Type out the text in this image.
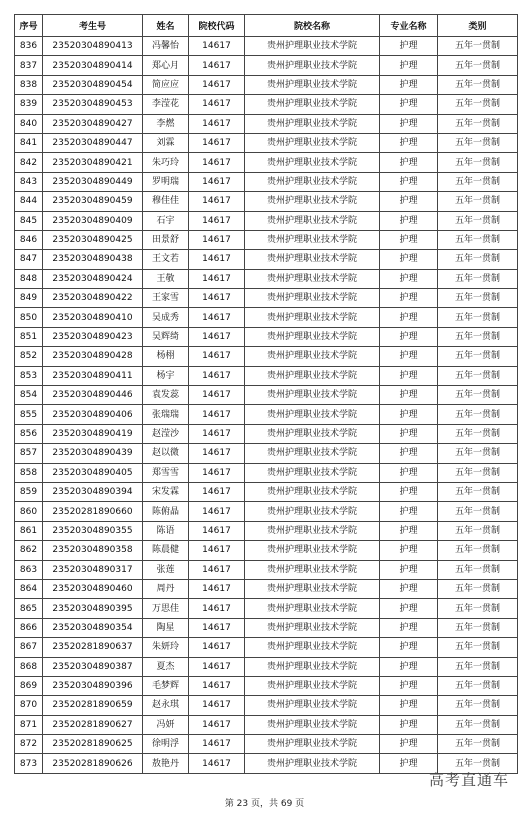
序号	考生号	姓名	院校代码	院校名称	专业名称	类别
836	23520304890413	冯馨怡	14617	贵州护理职业技术学院	护理	五年一贯制
837	23520304890414	郑心月	14617	贵州护理职业技术学院	护理	五年一贯制
838	23520304890454	简应应	14617	贵州护理职业技术学院	护理	五年一贯制
839	23520304890453	李滢花	14617	贵州护理职业技术学院	护理	五年一贯制
840	23520304890427	李燃	14617	贵州护理职业技术学院	护理	五年一贯制
841	23520304890447	刘霖	14617	贵州护理职业技术学院	护理	五年一贯制
842	23520304890421	朱巧玲	14617	贵州护理职业技术学院	护理	五年一贯制
843	23520304890449	罗明瑞	14617	贵州护理职业技术学院	护理	五年一贯制
844	23520304890459	穆佳佳	14617	贵州护理职业技术学院	护理	五年一贯制
845	23520304890409	石宇	14617	贵州护理职业技术学院	护理	五年一贯制
846	23520304890425	田景舒	14617	贵州护理职业技术学院	护理	五年一贯制
847	23520304890438	王文若	14617	贵州护理职业技术学院	护理	五年一贯制
848	23520304890424	王敬	14617	贵州护理职业技术学院	护理	五年一贯制
849	23520304890422	王家雪	14617	贵州护理职业技术学院	护理	五年一贯制
850	23520304890410	吴成秀	14617	贵州护理职业技术学院	护理	五年一贯制
851	23520304890423	吴辉绮	14617	贵州护理职业技术学院	护理	五年一贯制
852	23520304890428	杨栩	14617	贵州护理职业技术学院	护理	五年一贯制
853	23520304890411	杨宇	14617	贵州护理职业技术学院	护理	五年一贯制
854	23520304890446	袁发蕊	14617	贵州护理职业技术学院	护理	五年一贯制
855	23520304890406	张瑞瑞	14617	贵州护理职业技术学院	护理	五年一贯制
856	23520304890419	赵滢沙	14617	贵州护理职业技术学院	护理	五年一贯制
857	23520304890439	赵以微	14617	贵州护理职业技术学院	护理	五年一贯制
858	23520304890405	郑雪雪	14617	贵州护理职业技术学院	护理	五年一贯制
859	23520304890394	宋发霖	14617	贵州护理职业技术学院	护理	五年一贯制
860	23520281890660	陈俯晶	14617	贵州护理职业技术学院	护理	五年一贯制
861	23520304890355	陈语	14617	贵州护理职业技术学院	护理	五年一贯制
862	23520304890358	陈晨健	14617	贵州护理职业技术学院	护理	五年一贯制
863	23520304890317	张莲	14617	贵州护理职业技术学院	护理	五年一贯制
864	23520304890460	周丹	14617	贵州护理职业技术学院	护理	五年一贯制
865	23520304890395	万思佳	14617	贵州护理职业技术学院	护理	五年一贯制
866	23520304890354	陶星	14617	贵州护理职业技术学院	护理	五年一贯制
867	23520281890637	朱妍玲	14617	贵州护理职业技术学院	护理	五年一贯制
868	23520304890387	夏杰	14617	贵州护理职业技术学院	护理	五年一贯制
869	23520304890396	毛梦辉	14617	贵州护理职业技术学院	护理	五年一贯制
870	23520281890659	赵永琪	14617	贵州护理职业技术学院	护理	五年一贯制
871	23520281890627	冯妍	14617	贵州护理职业技术学院	护理	五年一贯制
872	23520281890625	徐明浮	14617	贵州护理职业技术学院	护理	五年一贯制
873	23520281890626	敖艳丹	14617	贵州护理职业技术学院	护理	五年一贯制
第 23 页，共 69 页
高考直通车
